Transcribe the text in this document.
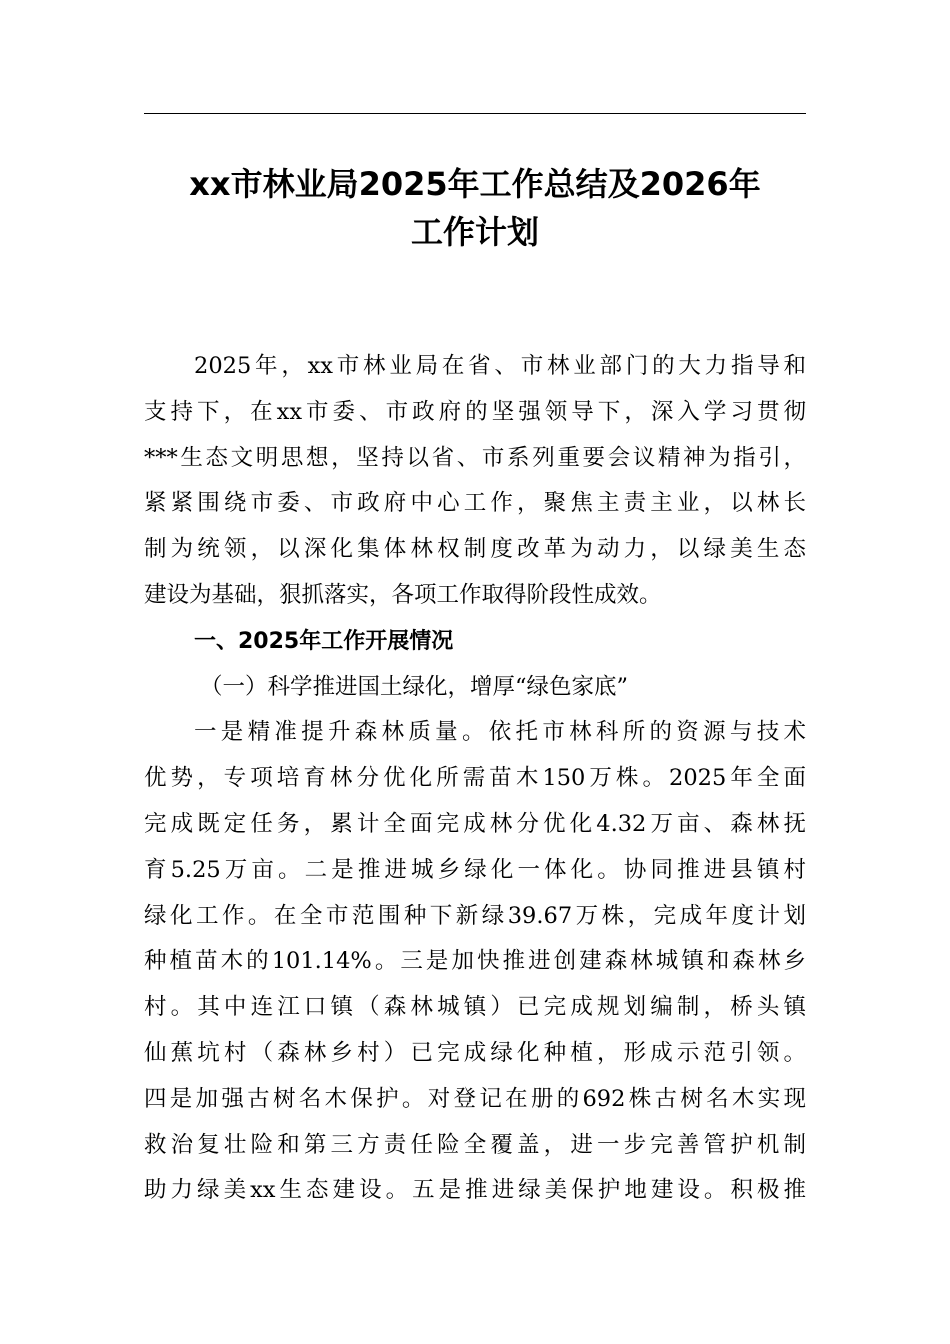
xx市林业局2025年工作总结及2026年
工作计划
2025年，xx市林业局在省、市林业部门的大力指导和
支持下，在xx市委、市政府的坚强领导下，深入学习贯彻
***生态文明思想，坚持以省、市系列重要会议精神为指引，
紧紧围绕市委、市政府中心工作，聚焦主责主业，以林长
制为统领，以深化集体林权制度改革为动力，以绿美生态
建设为基础，狠抓落实，各项工作取得阶段性成效。
一、2025年工作开展情况
（一）科学推进国土绿化，增厚“绿色家底”
一是精准提升森林质量。依托市林科所的资源与技术
优势，专项培育林分优化所需苗木150万株。2025年全面
完成既定任务，累计全面完成林分优化4.32万亩、森林抚
育5.25万亩。二是推进城乡绿化一体化。协同推进县镇村
绿化工作。在全市范围种下新绿39.67万株，完成年度计划
种植苗木的101.14%。三是加快推进创建森林城镇和森林乡
村。其中连江口镇（森林城镇）已完成规划编制，桥头镇
仙蕉坑村（森林乡村）已完成绿化种植，形成示范引领。
四是加强古树名木保护。对登记在册的692株古树名木实现
救治复壮险和第三方责任险全覆盖，进一步完善管护机制
助力绿美xx生态建设。五是推进绿美保护地建设。积极推
